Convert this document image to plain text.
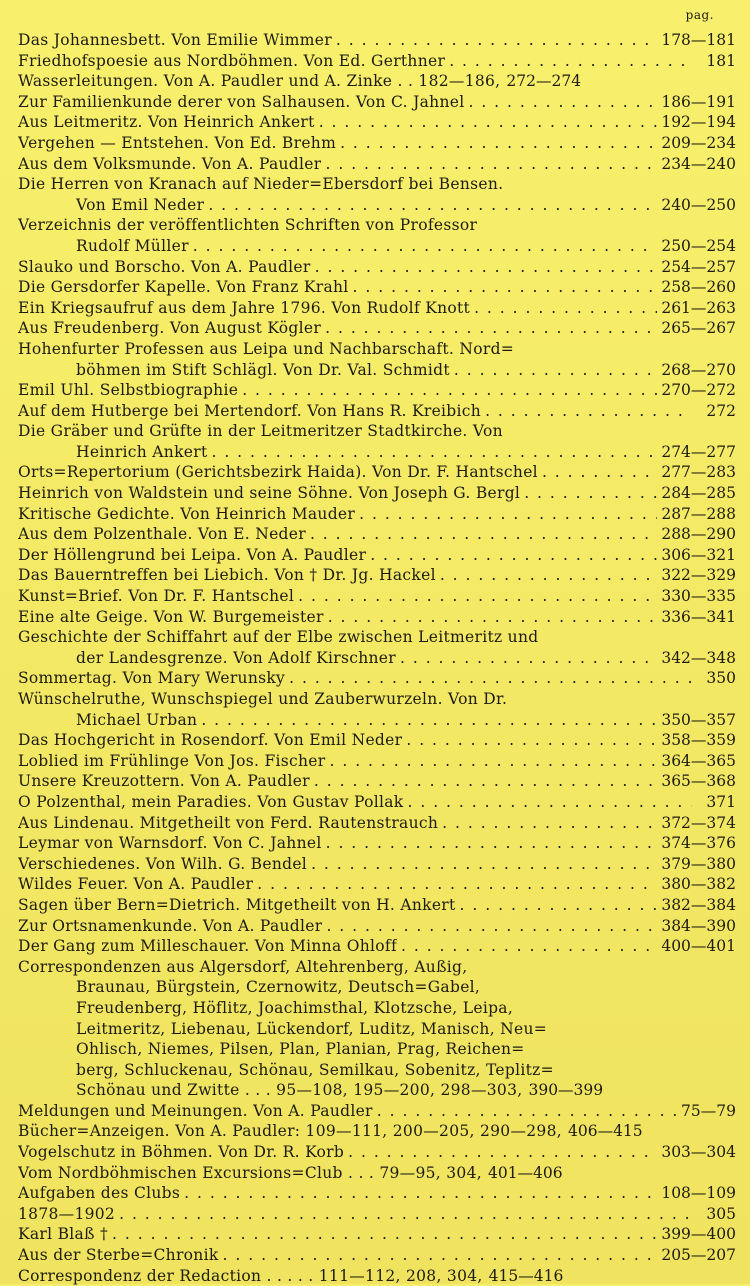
pag.
Das Johannesbett. Von Emilie Wimmer . . .	178—181
Friedhofspoesie aus Nordböhmen. Von Ed. Gerthner . . .	181
Wasserleitungen. Von A. Paudler und A. Zinke . . 182—186, 272—274
Zur Familienkunde derer von Salhausen. Von C. Jahnel . . .	186—191
Aus Leitmeritz. Von Heinrich Ankert . . .	192—194
Vergehen — Entstehen. Von Ed. Brehm . . .	209—234
Aus dem Volksmunde. Von A. Paudler . . .	234—240
Die Herren von Kranach auf Nieder=Ebersdorf bei Bensen.
Von Emil Neder . . .	240—250
Verzeichnis der veröffentlichten Schriften von Professor
Rudolf Müller . . .	250—254
Slauko und Borscho. Von A. Paudler . . .	254—257
Die Gersdorfer Kapelle. Von Franz Krahl . . .	258—260
Ein Kriegsaufruf aus dem Jahre 1796. Von Rudolf Knott . . .	261—263
Aus Freudenberg. Von August Kögler . . .	265—267
Hohenfurter Professen aus Leipa und Nachbarschaft. Nord=
böhmen im Stift Schlägl. Von Dr. Val. Schmidt . . .	268—270
Emil Uhl. Selbstbiographie . . .	270—272
Auf dem Hutberge bei Mertendorf. Von Hans R. Kreibich . . .	272
Die Gräber und Grüfte in der Leitmeritzer Stadtkirche. Von
Heinrich Ankert . . .	274—277
Orts=Repertorium (Gerichtsbezirk Haida). Von Dr. F. Hantschel . . .	277—283
Heinrich von Waldstein und seine Söhne. Von Joseph G. Bergl . . .	284—285
Kritische Gedichte. Von Heinrich Mauder . . .	287—288
Aus dem Polzenthale. Von E. Neder . . .	288—290
Der Höllengrund bei Leipa. Von A. Paudler . . .	306—321
Das Bauerntreffen bei Liebich. Von † Dr. Jg. Hackel . . .	322—329
Kunst=Brief. Von Dr. F. Hantschel . . .	330—335
Eine alte Geige. Von W. Burgemeister . . .	336—341
Geschichte der Schiffahrt auf der Elbe zwischen Leitmeritz und
der Landesgrenze. Von Adolf Kirschner . . .	342—348
Sommertag. Von Mary Werunsky . . .	350
Wünschelruthe, Wunschspiegel und Zauberwurzeln. Von Dr.
Michael Urban . . .	350—357
Das Hochgericht in Rosendorf. Von Emil Neder . . .	358—359
Loblied im Frühlinge Von Jos. Fischer . . .	364—365
Unsere Kreuzottern. Von A. Paudler . . .	365—368
O Polzenthal, mein Paradies. Von Gustav Pollak . . .	371
Aus Lindenau. Mitgetheilt von Ferd. Rautenstrauch . . .	372—374
Leymar von Warnsdorf. Von C. Jahnel . . .	374—376
Verschiedenes. Von Wilh. G. Bendel . . .	379—380
Wildes Feuer. Von A. Paudler . . .	380—382
Sagen über Bern=Dietrich. Mitgetheilt von H. Ankert . . .	382—384
Zur Ortsnamenkunde. Von A. Paudler . . .	384—390
Der Gang zum Milleschauer. Von Minna Ohloff . . .	400—401
Correspondenzen aus Algersdorf, Altehrenberg, Außig,
Braunau, Bürgstein, Czernowitz, Deutsch=Gabel,
Freudenberg, Höflitz, Joachimsthal, Klotzsche, Leipa,
Leitmeritz, Liebenau, Lückendorf, Luditz, Manisch, Neu=
Ohlisch, Niemes, Pilsen, Plan, Planian, Prag, Reichen=
berg, Schluckenau, Schönau, Semilkau, Sobenitz, Teplitz=
Schönau und Zwitte . . . 95—108, 195—200, 298—303, 390—399
Meldungen und Meinungen. Von A. Paudler . . .	75—79
Bücher=Anzeigen. Von A. Paudler: 109—111, 200—205, 290—298, 406—415
Vogelschutz in Böhmen. Von Dr. R. Korb . . .	303—304
Vom Nordböhmischen Excursions=Club . . . 79—95, 304, 401—406
Aufgaben des Clubs . . .	108—109
1878—1902 . . .	305
Karl Blaß † . . .	399—400
Aus der Sterbe=Chronik . . .	205—207
Correspondenz der Redaction . . . . . 111—112, 208, 304, 415—416
